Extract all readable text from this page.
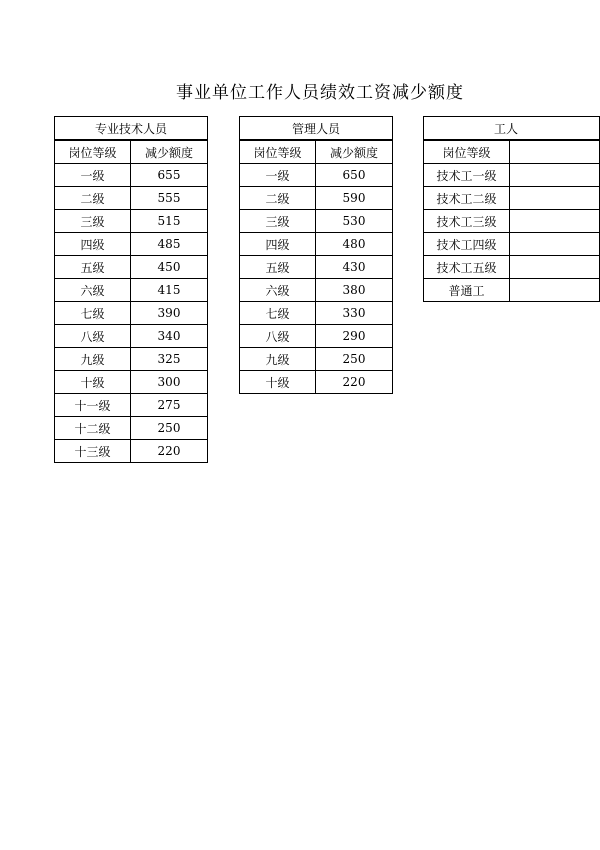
事业单位工作人员绩效工资减少额度
专业技术人员	
岗位等级	减少额度
一级	655
二级	555
三级	515
四级	485
五级	450
六级	415
七级	390
八级	340
九级	325
十级	300
十一级	275
十二级	250
十三级	220
管理人员	
岗位等级	减少额度
一级	650
二级	590
三级	530
四级	480
五级	430
六级	380
七级	330
八级	290
九级	250
十级	220
工人	
岗位等级	
技术工一级	
技术工二级	
技术工三级	
技术工四级	
技术工五级	
普通工	
